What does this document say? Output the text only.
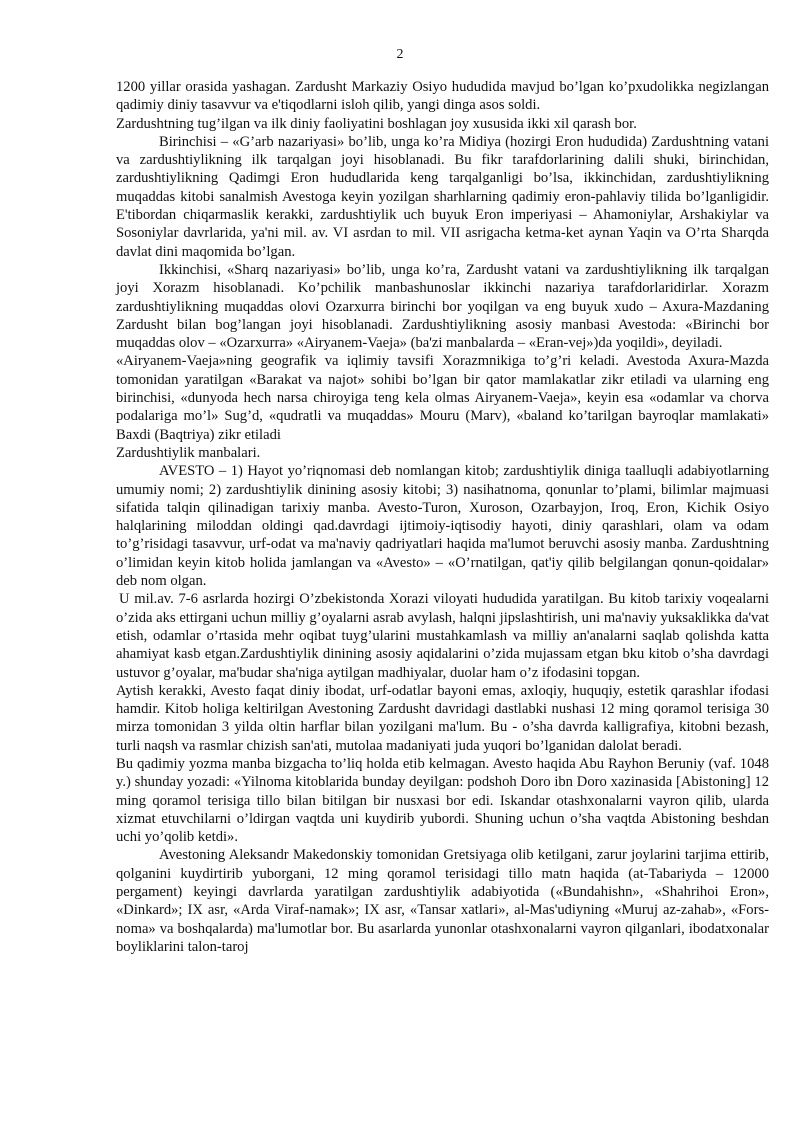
2

1200 yillar orasida yashagan. Zardusht Markaziy Osiyo hududida mavjud bo’lgan ko’pxudolikka negizlangan qadimiy diniy tasavvur va e'tiqodlarni isloh qilib, yangi dinga asos soldi.

Zardushtning tug’ilgan va ilk diniy faoliyatini boshlagan joy xususida ikki xil qarash bor.

Birinchisi – «G’arb nazariyasi» bo’lib, unga ko’ra Midiya (hozirgi Eron hududida) Zardushtning vatani va zardushtiylikning ilk tarqalgan joyi hisoblanadi. Bu fikr tarafdorlarining dalili shuki, birinchidan, zardushtiylikning Qadimgi Eron hududlarida keng tarqalganligi bo’lsa, ikkinchidan, zardushtiylikning muqaddas kitobi sanalmish Avestoga keyin yozilgan sharhlarning qadimiy eron-pahlaviy tilida bo’lganligidir. E'tibordan chiqarmaslik kerakki, zardushtiylik uch buyuk Eron imperiyasi – Ahamoniylar, Arshakiylar va Sosoniylar davrlarida, ya'ni mil. av. VI asrdan to mil. VII asrigacha ketma-ket aynan Yaqin va O’rta Sharqda davlat dini maqomida bo’lgan.

Ikkinchisi, «Sharq nazariyasi» bo’lib, unga ko’ra, Zardusht vatani va zardushtiylikning ilk tarqalgan joyi Xorazm hisoblanadi. Ko’pchilik manbashunoslar ikkinchi nazariya tarafdorlaridirlar. Xorazm zardushtiylikning muqaddas olovi Ozarxurra birinchi bor yoqilgan va eng buyuk xudo – Axura-Mazdaning Zardusht bilan bog’langan joyi hisoblanadi. Zardushtiylikning asosiy manbasi Avestoda: «Birinchi bor muqaddas olov – «Ozarxurra» «Airyanem-Vaeja» (ba'zi manbalarda – «Eran-vej»)da yoqildi», deyiladi.

«Airyanem-Vaeja»ning geografik va iqlimiy tavsifi Xorazmnikiga to’g’ri keladi. Avestoda Axura-Mazda tomonidan yaratilgan «Barakat va najot» sohibi bo’lgan bir qator mamlakatlar zikr etiladi va ularning eng birinchisi, «dunyoda hech narsa chiroyiga teng kela olmas Airyanem-Vaeja», keyin esa «odamlar va chorva podalariga mo’l» Sug’d, «qudratli va muqaddas» Mouru (Marv), «baland ko’tarilgan bayroqlar mamlakati» Baxdi (Baqtriya) zikr etiladi

Zardushtiylik manbalari.

AVESTO – 1) Hayot yo’riqnomasi deb nomlangan kitob; zardushtiylik diniga taalluqli adabiyotlarning umumiy nomi; 2) zardushtiylik dinining asosiy kitobi; 3) nasihatnoma, qonunlar to’plami, bilimlar majmuasi sifatida talqin qilinadigan tarixiy manba. Avesto-Turon, Xuroson, Ozarbayjon, Iroq, Eron, Kichik Osiyo halqlarining miloddan oldingi qad.davrdagi ijtimoiy-iqtisodiy hayoti, diniy qarashlari, olam va odam to’g’risidagi tasavvur, urf-odat va ma'naviy qadriyatlari haqida ma'lumot beruvchi asosiy manba. Zardushtning o’limidan keyin kitob holida jamlangan va «Avesto» – «O’rnatilgan, qat'iy qilib belgilangan qonun-qoidalar» deb nom olgan.

U mil.av. 7-6 asrlarda hozirgi O’zbekistonda Xorazi viloyati hududida yaratilgan. Bu kitob tarixiy voqealarni o’zida aks ettirgani uchun milliy g’oyalarni asrab avylash, halqni jipslashtirish, uni ma'naviy yuksaklikka da'vat etish, odamlar o’rtasida mehr oqibat tuyg’ularini mustahkamlash va milliy an'analarni saqlab qolishda katta ahamiyat kasb etgan.Zardushtiylik dinining asosiy aqidalarini o’zida mujassam etgan bku kitob o’sha davrdagi ustuvor g’oyalar, ma'budar sha'niga aytilgan madhiyalar, duolar ham o’z ifodasini topgan.

Aytish kerakki, Avesto faqat diniy ibodat, urf-odatlar bayoni emas, axloqiy, huquqiy, estetik qarashlar ifodasi hamdir. Kitob holiga keltirilgan Avestoning Zardusht davridagi dastlabki nushasi 12 ming qoramol terisiga 30 mirza tomonidan 3 yilda oltin harflar bilan yozilgani ma'lum. Bu - o’sha davrda kalligrafiya, kitobni bezash, turli naqsh va rasmlar chizish san'ati, mutolaa madaniyati juda yuqori bo’lganidan dalolat beradi.

Bu qadimiy yozma manba bizgacha to’liq holda etib kelmagan. Avesto haqida Abu Rayhon Beruniy (vaf. 1048 y.) shunday yozadi: «Yilnoma kitoblarida bunday deyilgan: podshoh Doro ibn Doro xazinasida [Abistoning] 12 ming qoramol terisiga tillo bilan bitilgan bir nusxasi bor edi. Iskandar otashxonalarni vayron qilib, ularda xizmat etuvchilarni o’ldirgan vaqtda uni kuydirib yubordi. Shuning uchun o’sha vaqtda Abistoning beshdan uchi yo’qolib ketdi».

Avestoning Aleksandr Makedonskiy tomonidan Gretsiyaga olib ketilgani, zarur joylarini tarjima ettirib, qolganini kuydirtirib yuborgani, 12 ming qoramol terisidagi tillo matn haqida (at-Tabariyda – 12000 pergament) keyingi davrlarda yaratilgan zardushtiylik adabiyotida («Bundahishn», «Shahrihoi Eron», «Dinkard»; IX asr, «Arda Viraf-namak»; IX asr, «Tansar xatlari», al-Mas'udiyning «Muruj az-zahab», «Fors-noma» va boshqalarda) ma'lumotlar bor. Bu asarlarda yunonlar otashxonalarni vayron qilganlari, ibodatxonalar boyliklarini talon-taroj
